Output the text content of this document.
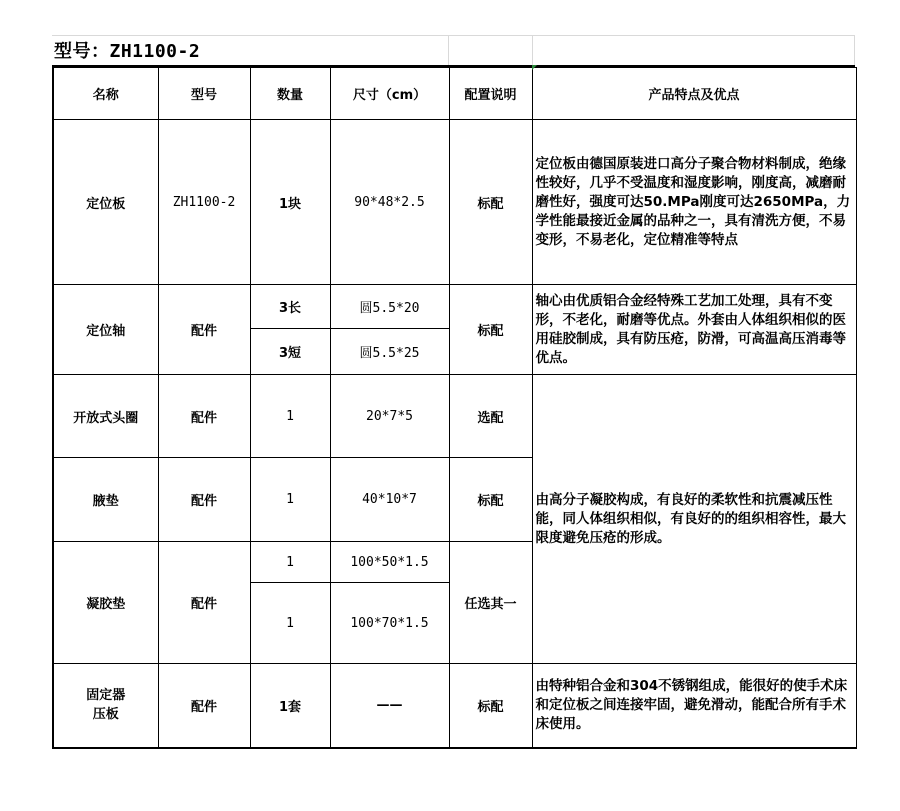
型号：ZH1100-2
名称	型号	数量	尺寸（cm）	配置说明	产品特点及优点
定位板	ZH1100-2	1块	90*48*2.5	标配	定位板由德国原装进口高分子聚合物材料制成，绝缘性较好，几乎不受温度和湿度影响，刚度高，减磨耐磨性好，强度可达50.MPa刚度可达2650MPa，力学性能最接近金属的品种之一，具有清洗方便，不易变形，不易老化，定位精准等特点
定位轴	配件	3长	圆5.5*20	标配	轴心由优质铝合金经特殊工艺加工处理，具有不变形，不老化，耐磨等优点。外套由人体组织相似的医用硅胶制成，具有防压疮，防滑，可高温高压消毒等优点。
		3短	圆5.5*25		
开放式头圈	配件	1	20*7*5	选配	由高分子凝胶构成，有良好的柔软性和抗震减压性能，同人体组织相似，有良好的的组织相容性，最大限度避免压疮的形成。
腋垫	配件	1	40*10*7	标配	
凝胶垫	配件	1	100*50*1.5	任选其一	
		1	100*70*1.5		
固定器压板	配件	1套	——	标配	由特种铝合金和304不锈钢组成，能很好的使手术床和定位板之间连接牢固，避免滑动，能配合所有手术床使用。
